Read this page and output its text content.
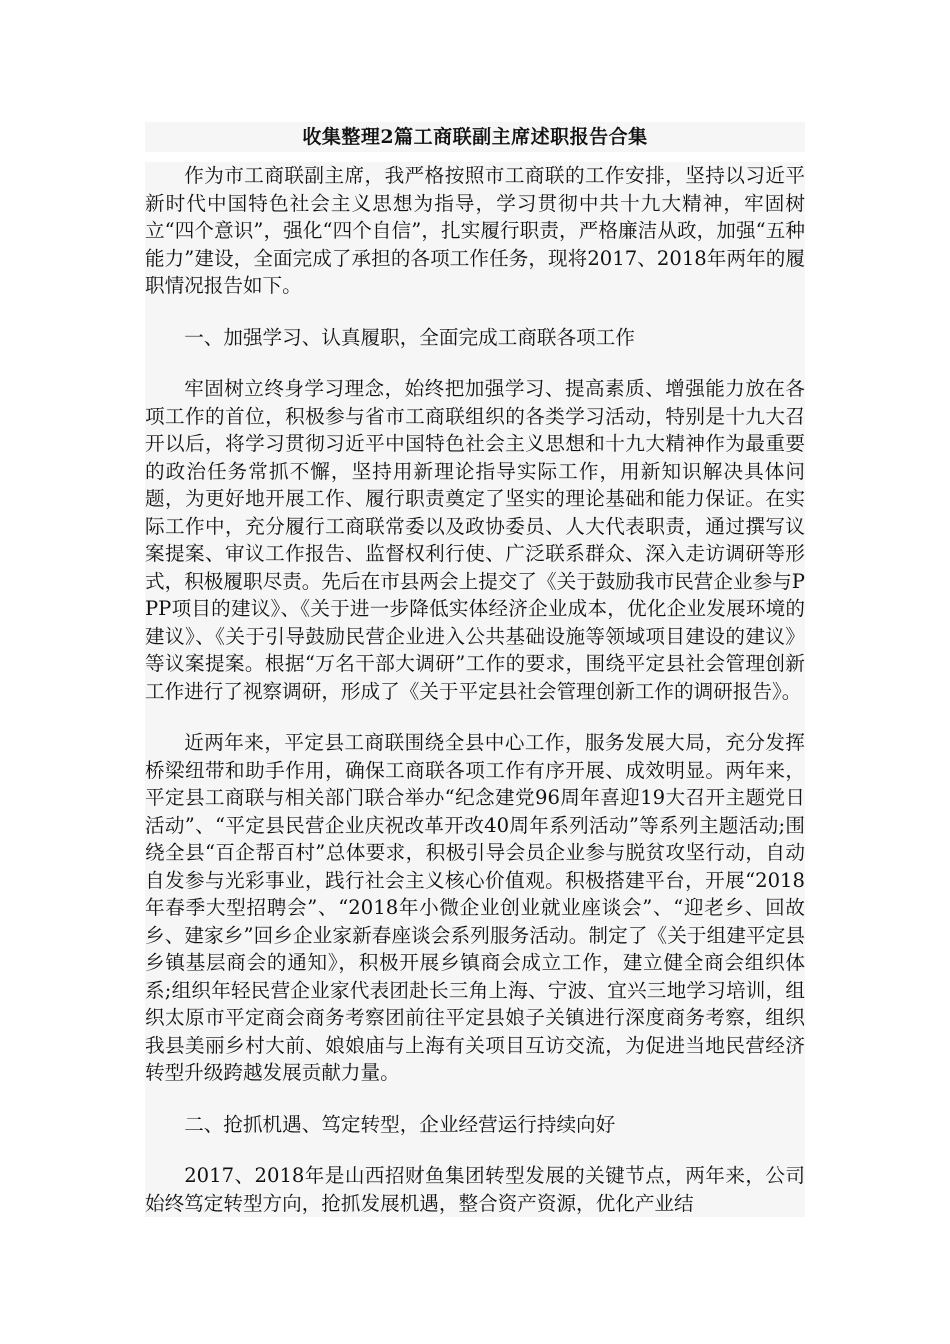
收集整理2篇工商联副主席述职报告合集

作为市工商联副主席，我严格按照市工商联的工作安排，坚持以习近平新时代中国特色社会主义思想为指导，学习贯彻中共十九大精神，牢固树立“四个意识”，强化“四个自信”，扎实履行职责，严格廉洁从政，加强“五种能力”建设，全面完成了承担的各项工作任务，现将2017、2018年两年的履职情况报告如下。

一、加强学习、认真履职，全面完成工商联各项工作

牢固树立终身学习理念，始终把加强学习、提高素质、增强能力放在各项工作的首位，积极参与省市工商联组织的各类学习活动，特别是十九大召开以后，将学习贯彻习近平中国特色社会主义思想和十九大精神作为最重要的政治任务常抓不懈，坚持用新理论指导实际工作，用新知识解决具体问题，为更好地开展工作、履行职责奠定了坚实的理论基础和能力保证。在实际工作中，充分履行工商联常委以及政协委员、人大代表职责，通过撰写议案提案、审议工作报告、监督权利行使、广泛联系群众、深入走访调研等形式，积极履职尽责。先后在市县两会上提交了《关于鼓励我市民营企业参与PPP项目的建议》、《关于进一步降低实体经济企业成本，优化企业发展环境的建议》、《关于引导鼓励民营企业进入公共基础设施等领域项目建设的建议》等议案提案。根据“万名干部大调研”工作的要求，围绕平定县社会管理创新工作进行了视察调研，形成了《关于平定县社会管理创新工作的调研报告》。

近两年来，平定县工商联围绕全县中心工作，服务发展大局，充分发挥桥梁纽带和助手作用，确保工商联各项工作有序开展、成效明显。两年来，平定县工商联与相关部门联合举办“纪念建党96周年喜迎19大召开主题党日活动”、“平定县民营企业庆祝改革开改40周年系列活动”等系列主题活动;围绕全县“百企帮百村”总体要求，积极引导会员企业参与脱贫攻坚行动，自动自发参与光彩事业，践行社会主义核心价值观。积极搭建平台，开展“2018年春季大型招聘会”、“2018年小微企业创业就业座谈会”、“迎老乡、回故乡、建家乡”回乡企业家新春座谈会系列服务活动。制定了《关于组建平定县乡镇基层商会的通知》，积极开展乡镇商会成立工作，建立健全商会组织体系;组织年轻民营企业家代表团赴长三角上海、宁波、宜兴三地学习培训，组织太原市平定商会商务考察团前往平定县娘子关镇进行深度商务考察，组织我县美丽乡村大前、娘娘庙与上海有关项目互访交流，为促进当地民营经济转型升级跨越发展贡献力量。

二、抢抓机遇、笃定转型，企业经营运行持续向好

2017、2018年是山西招财鱼集团转型发展的关键节点，两年来，公司始终笃定转型方向，抢抓发展机遇，整合资产资源，优化产业结
